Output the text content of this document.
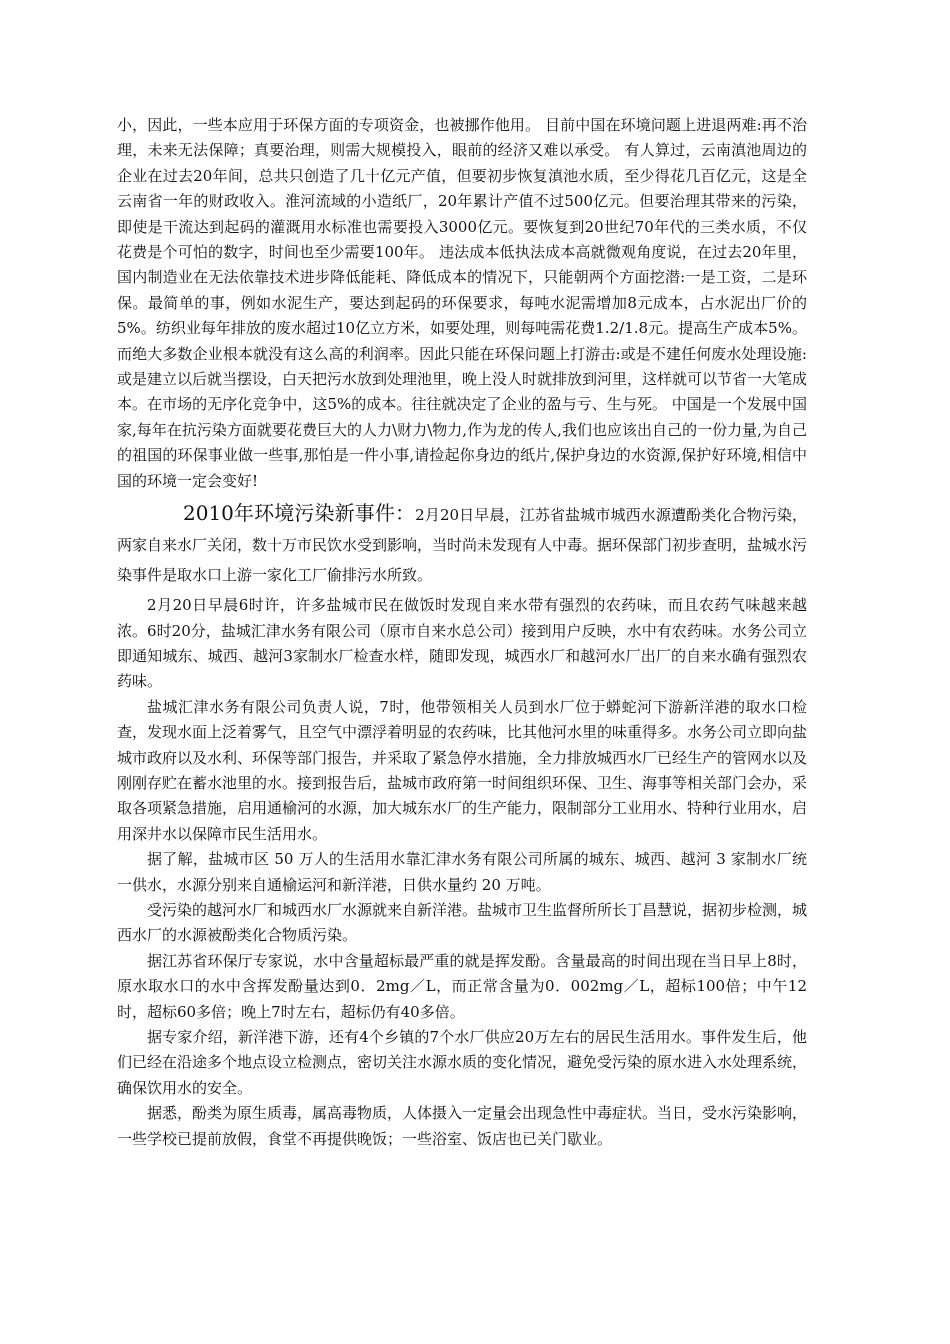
小，因此，一些本应用于环保方面的专项资金，也被挪作他用。 目前中国在环境问题上进退两难:再不治理，未来无法保障；真要治理，则需大规模投入，眼前的经济又难以承受。 有人算过，云南滇池周边的企业在过去20年间，总共只创造了几十亿元产值，但要初步恢复滇池水质，至少得花几百亿元，这是全云南省一年的财政收入。淮河流域的小造纸厂，20年累计产值不过500亿元。但要治理其带来的污染，即使是干流达到起码的灌溉用水标准也需要投入3000亿元。要恢复到20世纪70年代的三类水质，不仅花费是个可怕的数字，时间也至少需要100年。 违法成本低执法成本高就微观角度说，在过去20年里，国内制造业在无法依靠技术进步降低能耗、降低成本的情况下，只能朝两个方面挖潜:一是工资，二是环保。最简单的事，例如水泥生产，要达到起码的环保要求，每吨水泥需增加8元成本，占水泥出厂价的5%。纺织业每年排放的废水超过10亿立方米，如要处理，则每吨需花费1.2/1.8元。提高生产成本5%。而绝大多数企业根本就没有这么高的利润率。因此只能在环保问题上打游击:或是不建任何废水处理设施:或是建立以后就当摆设，白天把污水放到处理池里，晚上没人时就排放到河里，这样就可以节省一大笔成本。在市场的无序化竞争中，这5%的成本。往往就决定了企业的盈与亏、生与死。 中国是一个发展中国家,每年在抗污染方面就要花费巨大的人力\财力\物力,作为龙的传人,我们也应该出自己的一份力量,为自己的祖国的环保事业做一些事,那怕是一件小事,请捡起你身边的纸片,保护身边的水资源,保护好环境,相信中国的环境一定会变好!

2010年环境污染新事件：2月20日早晨，江苏省盐城市城西水源遭酚类化合物污染，两家自来水厂关闭，数十万市民饮水受到影响，当时尚未发现有人中毒。据环保部门初步查明，盐城水污染事件是取水口上游一家化工厂偷排污水所致。

2月20日早晨6时许，许多盐城市民在做饭时发现自来水带有强烈的农药味，而且农药气味越来越浓。6时20分，盐城汇津水务有限公司（原市自来水总公司）接到用户反映，水中有农药味。水务公司立即通知城东、城西、越河3家制水厂检查水样，随即发现，城西水厂和越河水厂出厂的自来水确有强烈农药味。

盐城汇津水务有限公司负责人说，7时，他带领相关人员到水厂位于蟒蛇河下游新洋港的取水口检查，发现水面上泛着雾气，且空气中漂浮着明显的农药味，比其他河水里的味重得多。水务公司立即向盐城市政府以及水利、环保等部门报告，并采取了紧急停水措施，全力排放城西水厂已经生产的管网水以及刚刚存贮在蓄水池里的水。接到报告后，盐城市政府第一时间组织环保、卫生、海事等相关部门会办，采取各项紧急措施，启用通榆河的水源，加大城东水厂的生产能力，限制部分工业用水、特种行业用水，启用深井水以保障市民生活用水。

据了解，盐城市区 50 万人的生活用水靠汇津水务有限公司所属的城东、城西、越河 3 家制水厂统一供水，水源分别来自通榆运河和新洋港，日供水量约 20 万吨。

受污染的越河水厂和城西水厂水源就来自新洋港。盐城市卫生监督所所长丁昌慧说，据初步检测，城西水厂的水源被酚类化合物质污染。

据江苏省环保厅专家说，水中含量超标最严重的就是挥发酚。含量最高的时间出现在当日早上8时，原水取水口的水中含挥发酚量达到0．2mg／L，而正常含量为0．002mg／L，超标100倍；中午12时，超标60多倍；晚上7时左右，超标仍有40多倍。

据专家介绍，新洋港下游，还有4个乡镇的7个水厂供应20万左右的居民生活用水。事件发生后，他们已经在沿途多个地点设立检测点，密切关注水源水质的变化情况，避免受污染的原水进入水处理系统，确保饮用水的安全。

据悉，酚类为原生质毒，属高毒物质，人体摄入一定量会出现急性中毒症状。当日，受水污染影响，一些学校已提前放假，食堂不再提供晚饭；一些浴室、饭店也已关门歇业。
